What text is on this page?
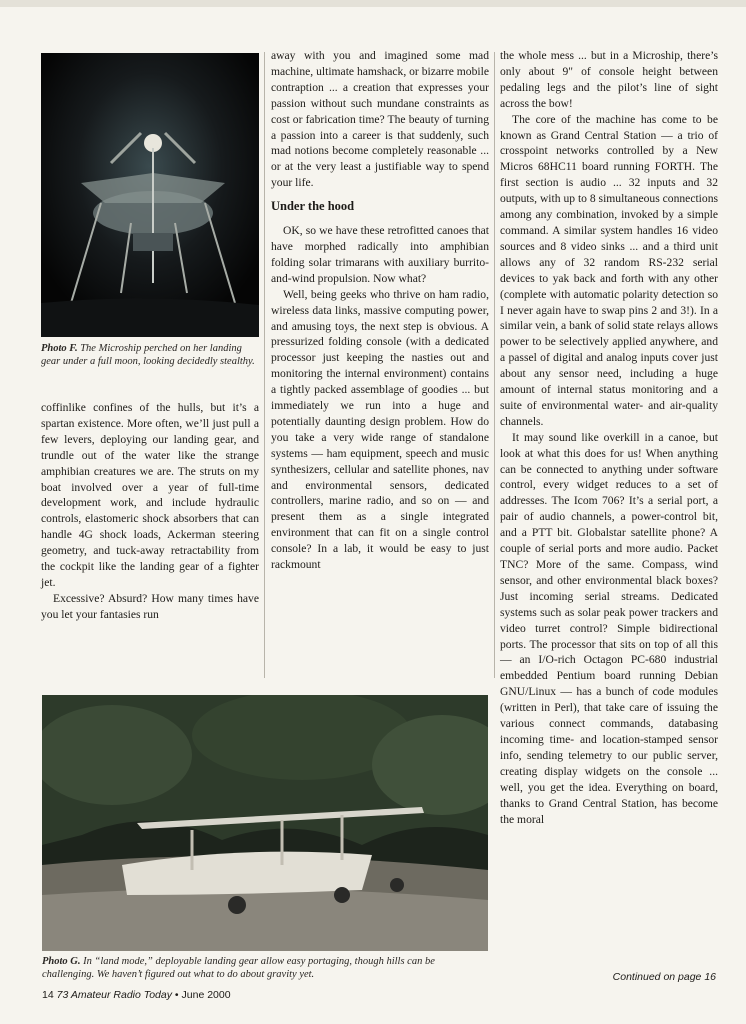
Photo F. The Microship perched on her landing gear under a full moon, looking decidedly stealthy.

coffinlike confines of the hulls, but it’s a spartan existence. More often, we’ll just pull a few levers, deploying our landing gear, and trundle out of the water like the strange amphibian creatures we are. The struts on my boat involved over a year of full-time development work, and include hydraulic controls, elastomeric shock absorbers that can handle 4G shock loads, Ackerman steering geometry, and tuck-away retractability from the cockpit like the landing gear of a fighter jet.

Excessive? Absurd? How many times have you let your fantasies run

away with you and imagined some mad machine, ultimate hamshack, or bizarre mobile contraption ... a creation that expresses your passion without such mundane constraints as cost or fabrication time? The beauty of turning a passion into a career is that suddenly, such mad notions become completely reasonable ... or at the very least a justifiable way to spend your life.

Under the hood

OK, so we have these retrofitted canoes that have morphed radically into amphibian folding solar trimarans with auxiliary burrito-and-wind propulsion. Now what?

Well, being geeks who thrive on ham radio, wireless data links, massive computing power, and amusing toys, the next step is obvious. A pressurized folding console (with a dedicated processor just keeping the nasties out and monitoring the internal environment) contains a tightly packed assemblage of goodies ... but immediately we run into a huge and potentially daunting design problem. How do you take a very wide range of standalone systems — ham equipment, speech and music synthesizers, cellular and satellite phones, nav and environmental sensors, dedicated controllers, marine radio, and so on — and present them as a single integrated environment that can fit on a single control console? In a lab, it would be easy to just rackmount

the whole mess ... but in a Microship, there’s only about 9" of console height between pedaling legs and the pilot’s line of sight across the bow!

The core of the machine has come to be known as Grand Central Station — a trio of crosspoint networks controlled by a New Micros 68HC11 board running FORTH. The first section is audio ... 32 inputs and 32 outputs, with up to 8 simultaneous connections among any combination, invoked by a simple command. A similar system handles 16 video sources and 8 video sinks ... and a third unit allows any of 32 random RS-232 serial devices to yak back and forth with any other (complete with automatic polarity detection so I never again have to swap pins 2 and 3!). In a similar vein, a bank of solid state relays allows power to be selectively applied anywhere, and a passel of digital and analog inputs cover just about any sensor need, including a huge amount of internal status monitoring and a suite of environmental water- and air-quality channels.

It may sound like overkill in a canoe, but look at what this does for us! When anything can be connected to anything under software control, every widget reduces to a set of addresses. The Icom 706? It’s a serial port, a pair of audio channels, a power-control bit, and a PTT bit. Globalstar satellite phone? A couple of serial ports and more audio. Packet TNC? More of the same. Compass, wind sensor, and other environmental black boxes? Just incoming serial streams. Dedicated systems such as solar peak power trackers and video turret control? Simple bidirectional ports. The processor that sits on top of all this — an I/O-rich Octagon PC-680 industrial embedded Pentium board running Debian GNU/Linux — has a bunch of code modules (written in Perl), that take care of issuing the various connect commands, databasing incoming time- and location-stamped sensor info, sending telemetry to our public server, creating display widgets on the console ... well, you get the idea. Everything on board, thanks to Grand Central Station, has become the moral

Photo G. In “land mode,” deployable landing gear allow easy portaging, though hills can be challenging. We haven’t figured out what to do about gravity yet.	Continued on page 16
14 73 Amateur Radio Today • June 2000
